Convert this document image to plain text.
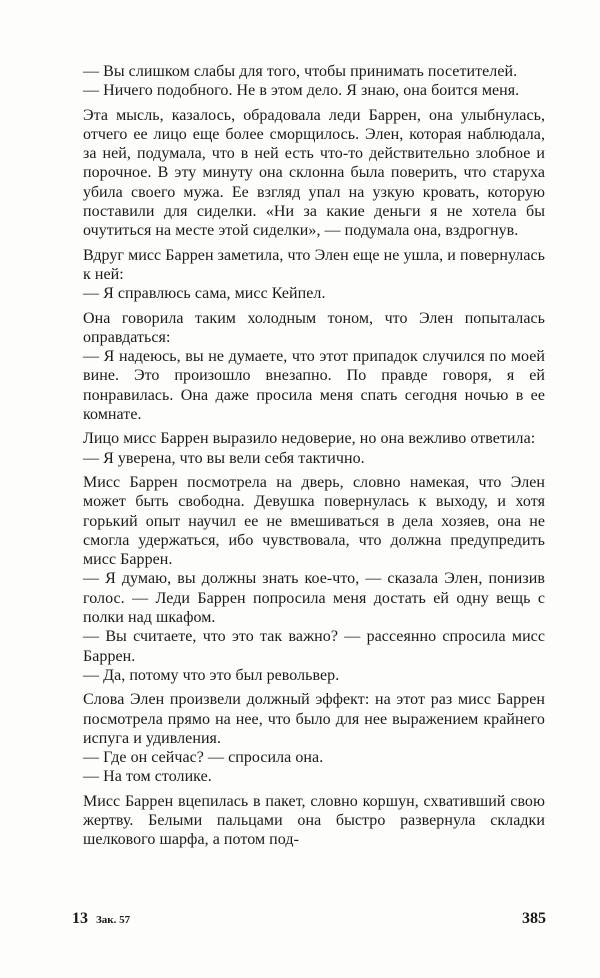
— Вы слишком слабы для того, чтобы принимать посетителей.

— Ничего подобного. Не в этом дело. Я знаю, она боится меня.

Эта мысль, казалось, обрадовала леди Баррен, она улыбнулась, отчего ее лицо еще более сморщилось. Элен, которая наблюдала, за ней, подумала, что в ней есть что-то действительно злобное и порочное. В эту минуту она склонна была поверить, что старуха убила своего мужа. Ее взгляд упал на узкую кровать, которую поставили для сиделки. «Ни за какие деньги я не хотела бы очутиться на месте этой сиделки», — подумала она, вздрогнув.

Вдруг мисс Баррен заметила, что Элен еще не ушла, и повернулась к ней:

— Я справлюсь сама, мисс Кейпел.

Она говорила таким холодным тоном, что Элен попыталась оправдаться:

— Я надеюсь, вы не думаете, что этот припадок случился по моей вине. Это произошло внезапно. По правде говоря, я ей понравилась. Она даже просила меня спать сегодня ночью в ее комнате.

Лицо мисс Баррен выразило недоверие, но она вежливо ответила:

— Я уверена, что вы вели себя тактично.

Мисс Баррен посмотрела на дверь, словно намекая, что Элен может быть свободна. Девушка повернулась к выходу, и хотя горький опыт научил ее не вмешиваться в дела хозяев, она не смогла удержаться, ибо чувствовала, что должна предупредить мисс Баррен.

— Я думаю, вы должны знать кое-что, — сказала Элен, понизив голос. — Леди Баррен попросила меня достать ей одну вещь с полки над шкафом.

— Вы считаете, что это так важно? — рассеянно спросила мисс Баррен.

— Да, потому что это был револьвер.

Слова Элен произвели должный эффект: на этот раз мисс Баррен посмотрела прямо на нее, что было для нее выражением крайнего испуга и удивления.

— Где он сейчас? — спросила она.

— На том столике.

Мисс Баррен вцепилась в пакет, словно коршун, схвативший свою жертву. Белыми пальцами она быстро развернула складки шелкового шарфа, а потом под-

13 Зак. 57	385
